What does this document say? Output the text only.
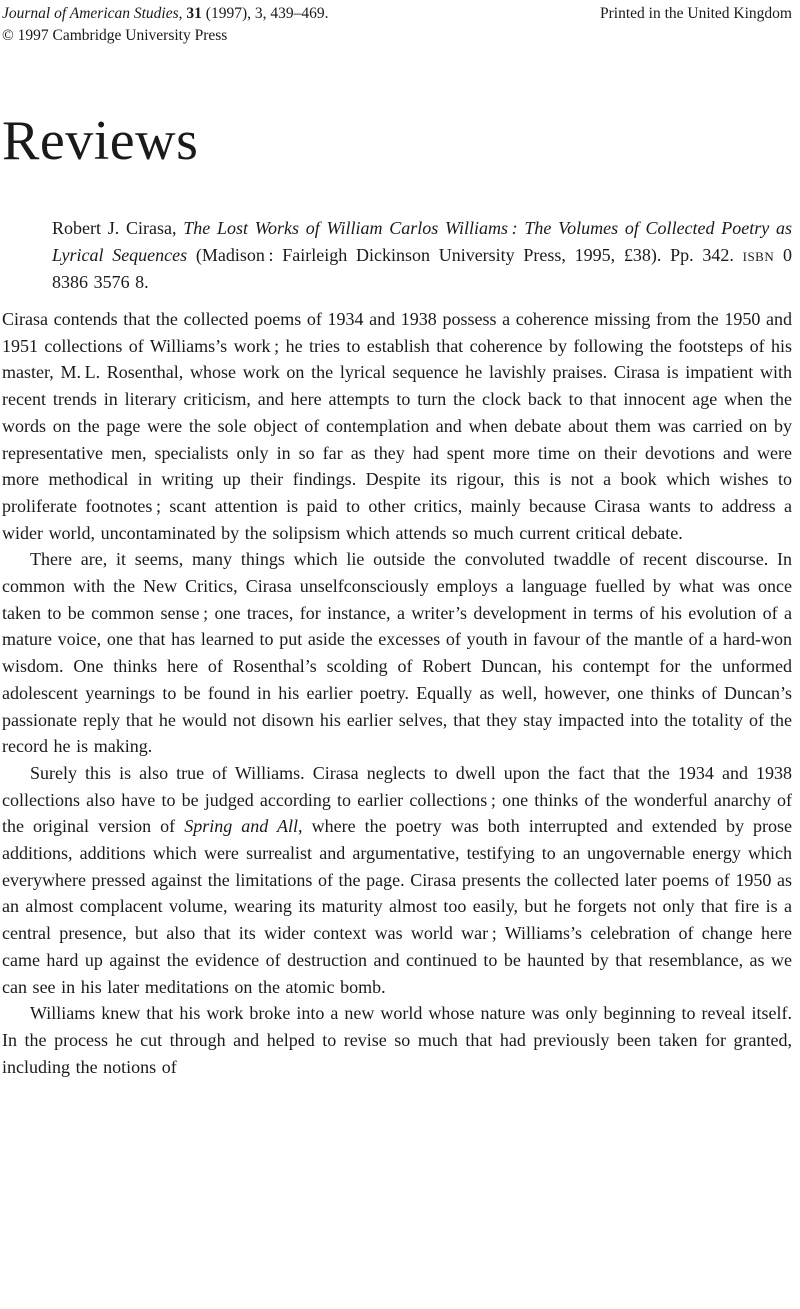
Journal of American Studies, 31 (1997), 3, 439–469.	Printed in the United Kingdom
© 1997 Cambridge University Press
Reviews
Robert J. Cirasa, The Lost Works of William Carlos Williams : The Volumes of Collected Poetry as Lyrical Sequences (Madison : Fairleigh Dickinson University Press, 1995, £38). Pp. 342. isbn 0 8386 3576 8.

Cirasa contends that the collected poems of 1934 and 1938 possess a coherence missing from the 1950 and 1951 collections of Williams’s work ; he tries to establish that coherence by following the footsteps of his master, M. L. Rosenthal, whose work on the lyrical sequence he lavishly praises. Cirasa is impatient with recent trends in literary criticism, and here attempts to turn the clock back to that innocent age when the words on the page were the sole object of contemplation and when debate about them was carried on by representative men, specialists only in so far as they had spent more time on their devotions and were more methodical in writing up their findings. Despite its rigour, this is not a book which wishes to proliferate footnotes ; scant attention is paid to other critics, mainly because Cirasa wants to address a wider world, uncontaminated by the solipsism which attends so much current critical debate.

There are, it seems, many things which lie outside the convoluted twaddle of recent discourse. In common with the New Critics, Cirasa unselfconsciously employs a language fuelled by what was once taken to be common sense ; one traces, for instance, a writer’s development in terms of his evolution of a mature voice, one that has learned to put aside the excesses of youth in favour of the mantle of a hard-won wisdom. One thinks here of Rosenthal’s scolding of Robert Duncan, his contempt for the unformed adolescent yearnings to be found in his earlier poetry. Equally as well, however, one thinks of Duncan’s passionate reply that he would not disown his earlier selves, that they stay impacted into the totality of the record he is making.

Surely this is also true of Williams. Cirasa neglects to dwell upon the fact that the 1934 and 1938 collections also have to be judged according to earlier collections ; one thinks of the wonderful anarchy of the original version of Spring and All, where the poetry was both interrupted and extended by prose additions, additions which were surrealist and argumentative, testifying to an ungovernable energy which everywhere pressed against the limitations of the page. Cirasa presents the collected later poems of 1950 as an almost complacent volume, wearing its maturity almost too easily, but he forgets not only that fire is a central presence, but also that its wider context was world war ; Williams’s celebration of change here came hard up against the evidence of destruction and continued to be haunted by that resemblance, as we can see in his later meditations on the atomic bomb.

Williams knew that his work broke into a new world whose nature was only beginning to reveal itself. In the process he cut through and helped to revise so much that had previously been taken for granted, including the notions of
